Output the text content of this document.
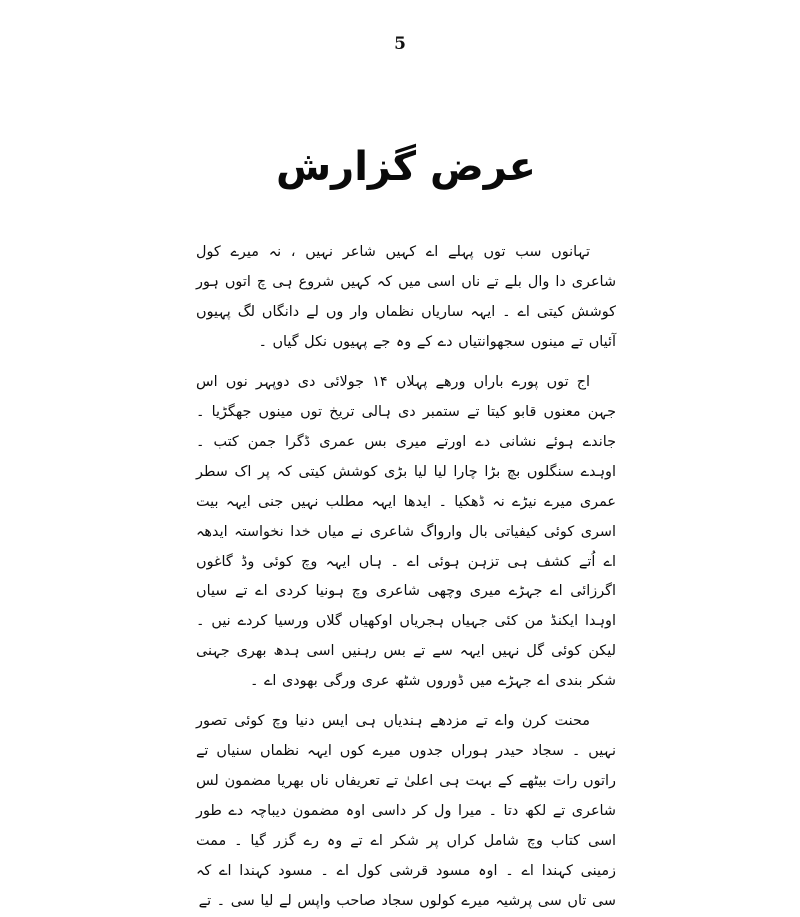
5
عرض گزارش

تہانوں سب توں پہلے اے کہیں شاعر نہیں ، نہ میرے کول شاعری دا وال بلے تے ناں اسی میں کہ کہیں شروع ہی چ اتوں ہور کوشش کیتی اے ۔ ایہہ ساریاں نظماں وار وں لے دانگاں لگ پہیوں آئیاں تے مینوں سجھوانتیاں دے کے وہ جے پہیوں نکل گیاں ۔

اج توں پورے باراں ورھے پہلاں ۱۴ جولائی دی دوپہر نوں اس جہن معنوں قابو کیتا تے ستمبر دی ہالی تریخ توں مینوں جھگڑیا ۔ جاندے ہوئے نشانی دے اورتے میری بس عمری ڈگرا جمن کتب ۔ اوہدے سنگلوں بچ بڑا چارا لیا لیا بڑی کوشش کیتی کہ پر اک سطر عمری میرے نیڑے نہ ڈھکیا ۔ ایدھا ایہہ مطلب نہیں جنی ایہہ بیت اسری کوئی کیفیاتی بال وارواگ شاعری نے میاں خدا نخواستہ ایدھہ اے اُتے کشف ہی تزہن ہوئی اے ۔ ہاں ایہہ وچ کوئی وڈ گاغوں اگرزائی اے جہڑے میری وچھی شاعری وچ ہونیا کردی اے تے سیاں اوہدا ایکنڈ من کئی جہیاں ہجریاں اوکھیاں گلاں ورسیا کردے نیں ۔ لیکن کوئی گل نہیں ایہہ سے تے بس رہنیں اسی ہدھ بھری جہنی شکر بندی اے جہڑے میں ڈوروں شٹھ عری ورگی بھودی اے ۔

محنت کرن واے تے مزدھے ہندیاں ہی ایس دنیا وچ کوئی تصور نہیں ۔ سجاد حیدر ہوراں جدوں میرے کوں ایہہ نظماں سنیاں تے راتوں رات بیٹھے کے بہت ہی اعلیٰ تے تعریفاں ناں بھریا مضمون لس شاعری تے لکھ دتا ۔ میرا ول کر داسی اوہ مضمون دیباچہ دے طور اسی کتاب وچ شامل کراں پر شکر اے تے وہ رے گزر گیا ۔ ممت زمینی کہندا اے ۔ اوہ مسود قرشی کول اے ۔ مسود کہندا اے کہ سی تاں سی پرشیہ میرے کولوں سجاد صاحب واپس لے لیا سی ۔ تے
